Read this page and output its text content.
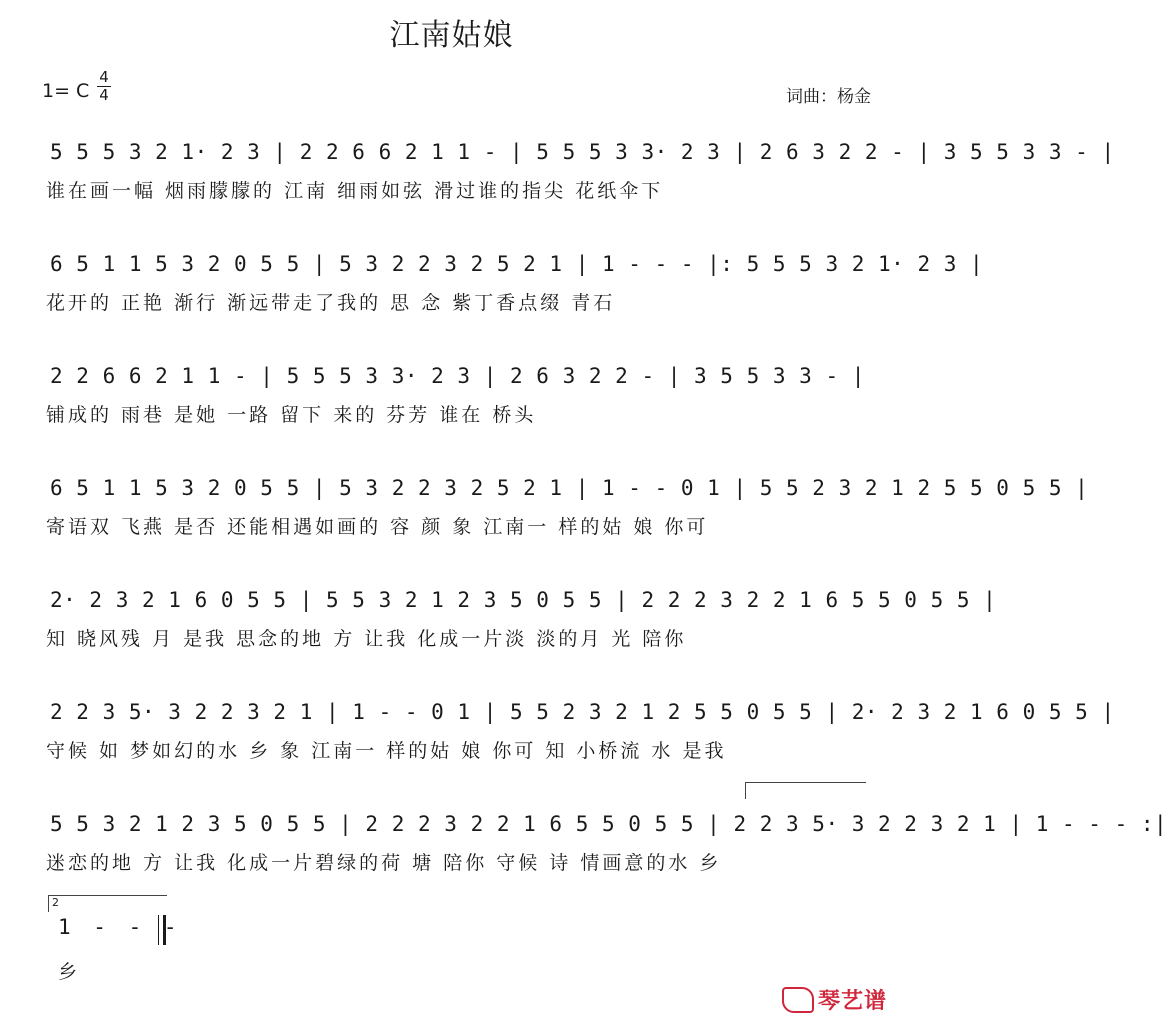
江南姑娘
1= C
4
4	词曲：杨金
5 5 5 3 2 1· 2 3 | 2 2 6 6 2 1 1 - | 5 5 5 3 3· 2 3 | 2 6 3 2 2 - | 3 5 5 3 3 - |
谁在画一幅 烟雨朦朦的 江南 细雨如弦 滑过谁的指尖 花纸伞下
6 5 1 1 5 3 2 0 5 5 | 5 3 2 2 3 2 5 2 1 | 1 - - - |: 5 5 5 3 2 1· 2 3 |
花开的 正艳 渐行 渐远带走了我的 思 念 紫丁香点缀 青石
2 2 6 6 2 1 1 - | 5 5 5 3 3· 2 3 | 2 6 3 2 2 - | 3 5 5 3 3 - |
铺成的 雨巷 是她 一路 留下 来的 芬芳 谁在 桥头
6 5 1 1 5 3 2 0 5 5 | 5 3 2 2 3 2 5 2 1 | 1 - - 0 1 | 5 5 2 3 2 1 2 5 5 0 5 5 |
寄语双 飞燕 是否 还能相遇如画的 容 颜 象 江南一 样的姑 娘 你可
2· 2 3 2 1 6 0 5 5 | 5 5 3 2 1 2 3 5 0 5 5 | 2 2 2 3 2 2 1 6 5 5 0 5 5 |
知 晓风残 月 是我 思念的地 方 让我 化成一片淡 淡的月 光 陪你
2 2 3 5· 3 2 2 3 2 1 | 1 - - 0 1 | 5 5 2 3 2 1 2 5 5 0 5 5 | 2· 2 3 2 1 6 0 5 5 |
守候 如 梦如幻的水 乡 象 江南一 样的姑 娘 你可 知 小桥流 水 是我
5 5 3 2 1 2 3 5 0 5 5 | 2 2 2 3 2 2 1 6 5 5 0 5 5 | 2 2 3 5· 3 2 2 3 2 1 | 1 - - - :|
迷恋的地 方 让我 化成一片碧绿的荷 塘 陪你 守候 诗 情画意的水 乡
2
1 - - -
乡
琴艺谱
